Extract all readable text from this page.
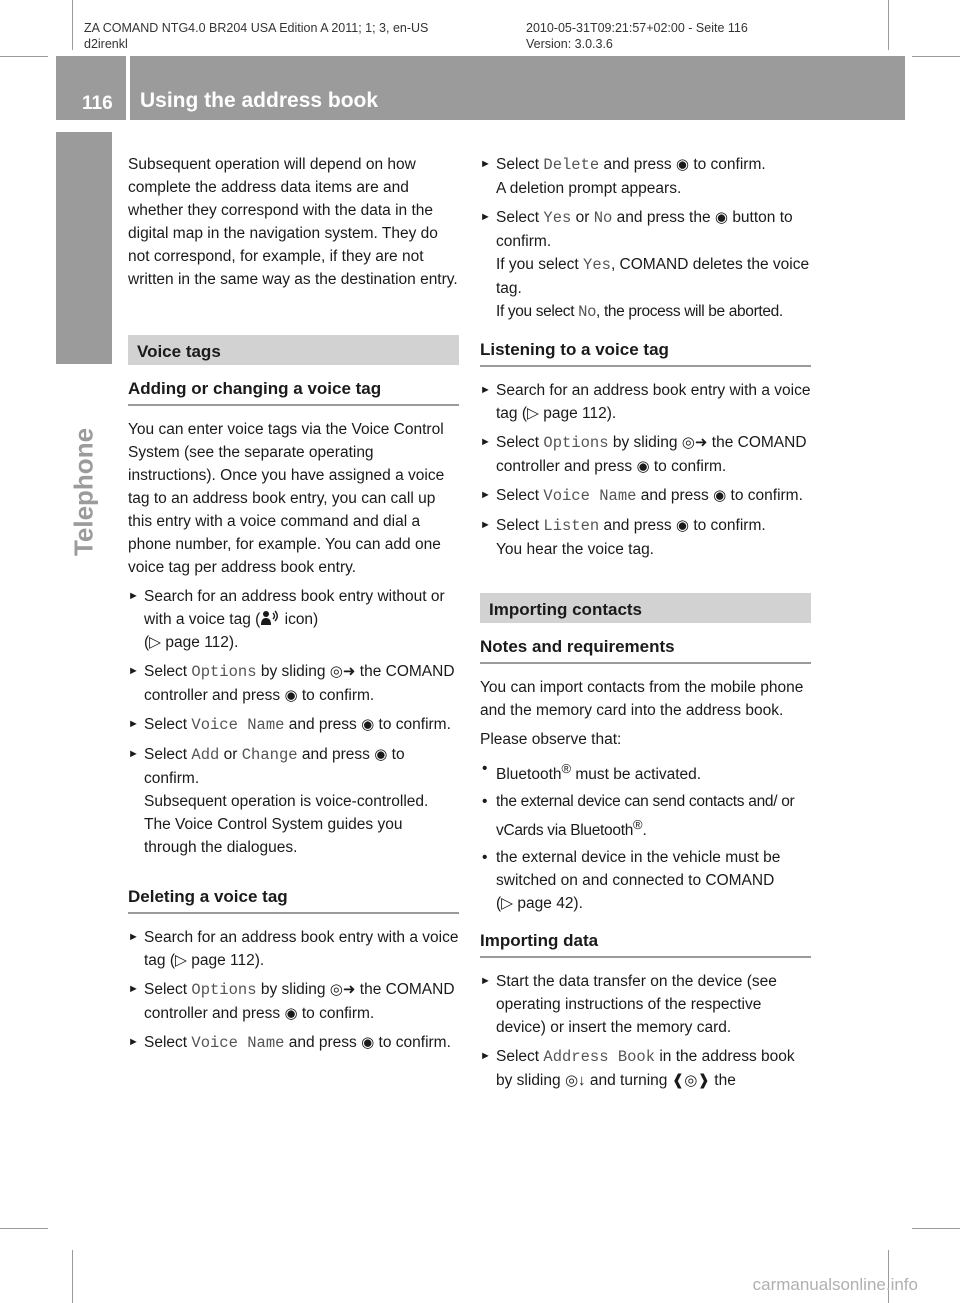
ZA COMAND NTG4.0 BR204 USA Edition A 2011; 1; 3, en-US
d2irenkl
2010-05-31T09:21:57+02:00 - Seite 116
Version: 3.0.3.6
116 Using the address book
Telephone

Subsequent operation will depend on how complete the address data items are and whether they correspond with the data in the digital map in the navigation system. They do not correspond, for example, if they are not written in the same way as the destination entry.

Voice tags
Adding or changing a voice tag

You can enter voice tags via the Voice Control System (see the separate operating instructions). Once you have assigned a voice tag to an address book entry, you can call up this entry with a voice command and dial a phone number, for example. You can add one voice tag per address book entry.

► Search for an address book entry without or with a voice tag ( icon)
(▷ page 112).
► Select Options by sliding ◎➜ the COMAND controller and press ◉ to confirm.
► Select Voice Name and press ◉ to confirm.
► Select Add or Change and press ◉ to confirm.
Subsequent operation is voice-controlled.
The Voice Control System guides you through the dialogues.
Deleting a voice tag
► Search for an address book entry with a voice tag (▷ page 112).
► Select Options by sliding ◎➜ the COMAND controller and press ◉ to confirm.
► Select Voice Name and press ◉ to confirm.
► Select Delete and press ◉ to confirm.
A deletion prompt appears.
► Select Yes or No and press the ◉ button to confirm.
If you select Yes, COMAND deletes the voice tag.
If you select No, the process will be aborted.
Listening to a voice tag
► Search for an address book entry with a voice tag (▷ page 112).
► Select Options by sliding ◎➜ the COMAND controller and press ◉ to confirm.
► Select Voice Name and press ◉ to confirm.
► Select Listen and press ◉ to confirm.
You hear the voice tag.
Importing contacts
Notes and requirements

You can import contacts from the mobile phone and the memory card into the address book.

Please observe that:

• Bluetooth® must be activated.
• the external device can send contacts and/ or vCards via Bluetooth®.
• the external device in the vehicle must be switched on and connected to COMAND
(▷ page 42).
Importing data
► Start the data transfer on the device (see operating instructions of the respective device) or insert the memory card.
► Select Address Book in the address book by sliding ◎↓ and turning ❰◎❱ the
carmanualsonline.info
